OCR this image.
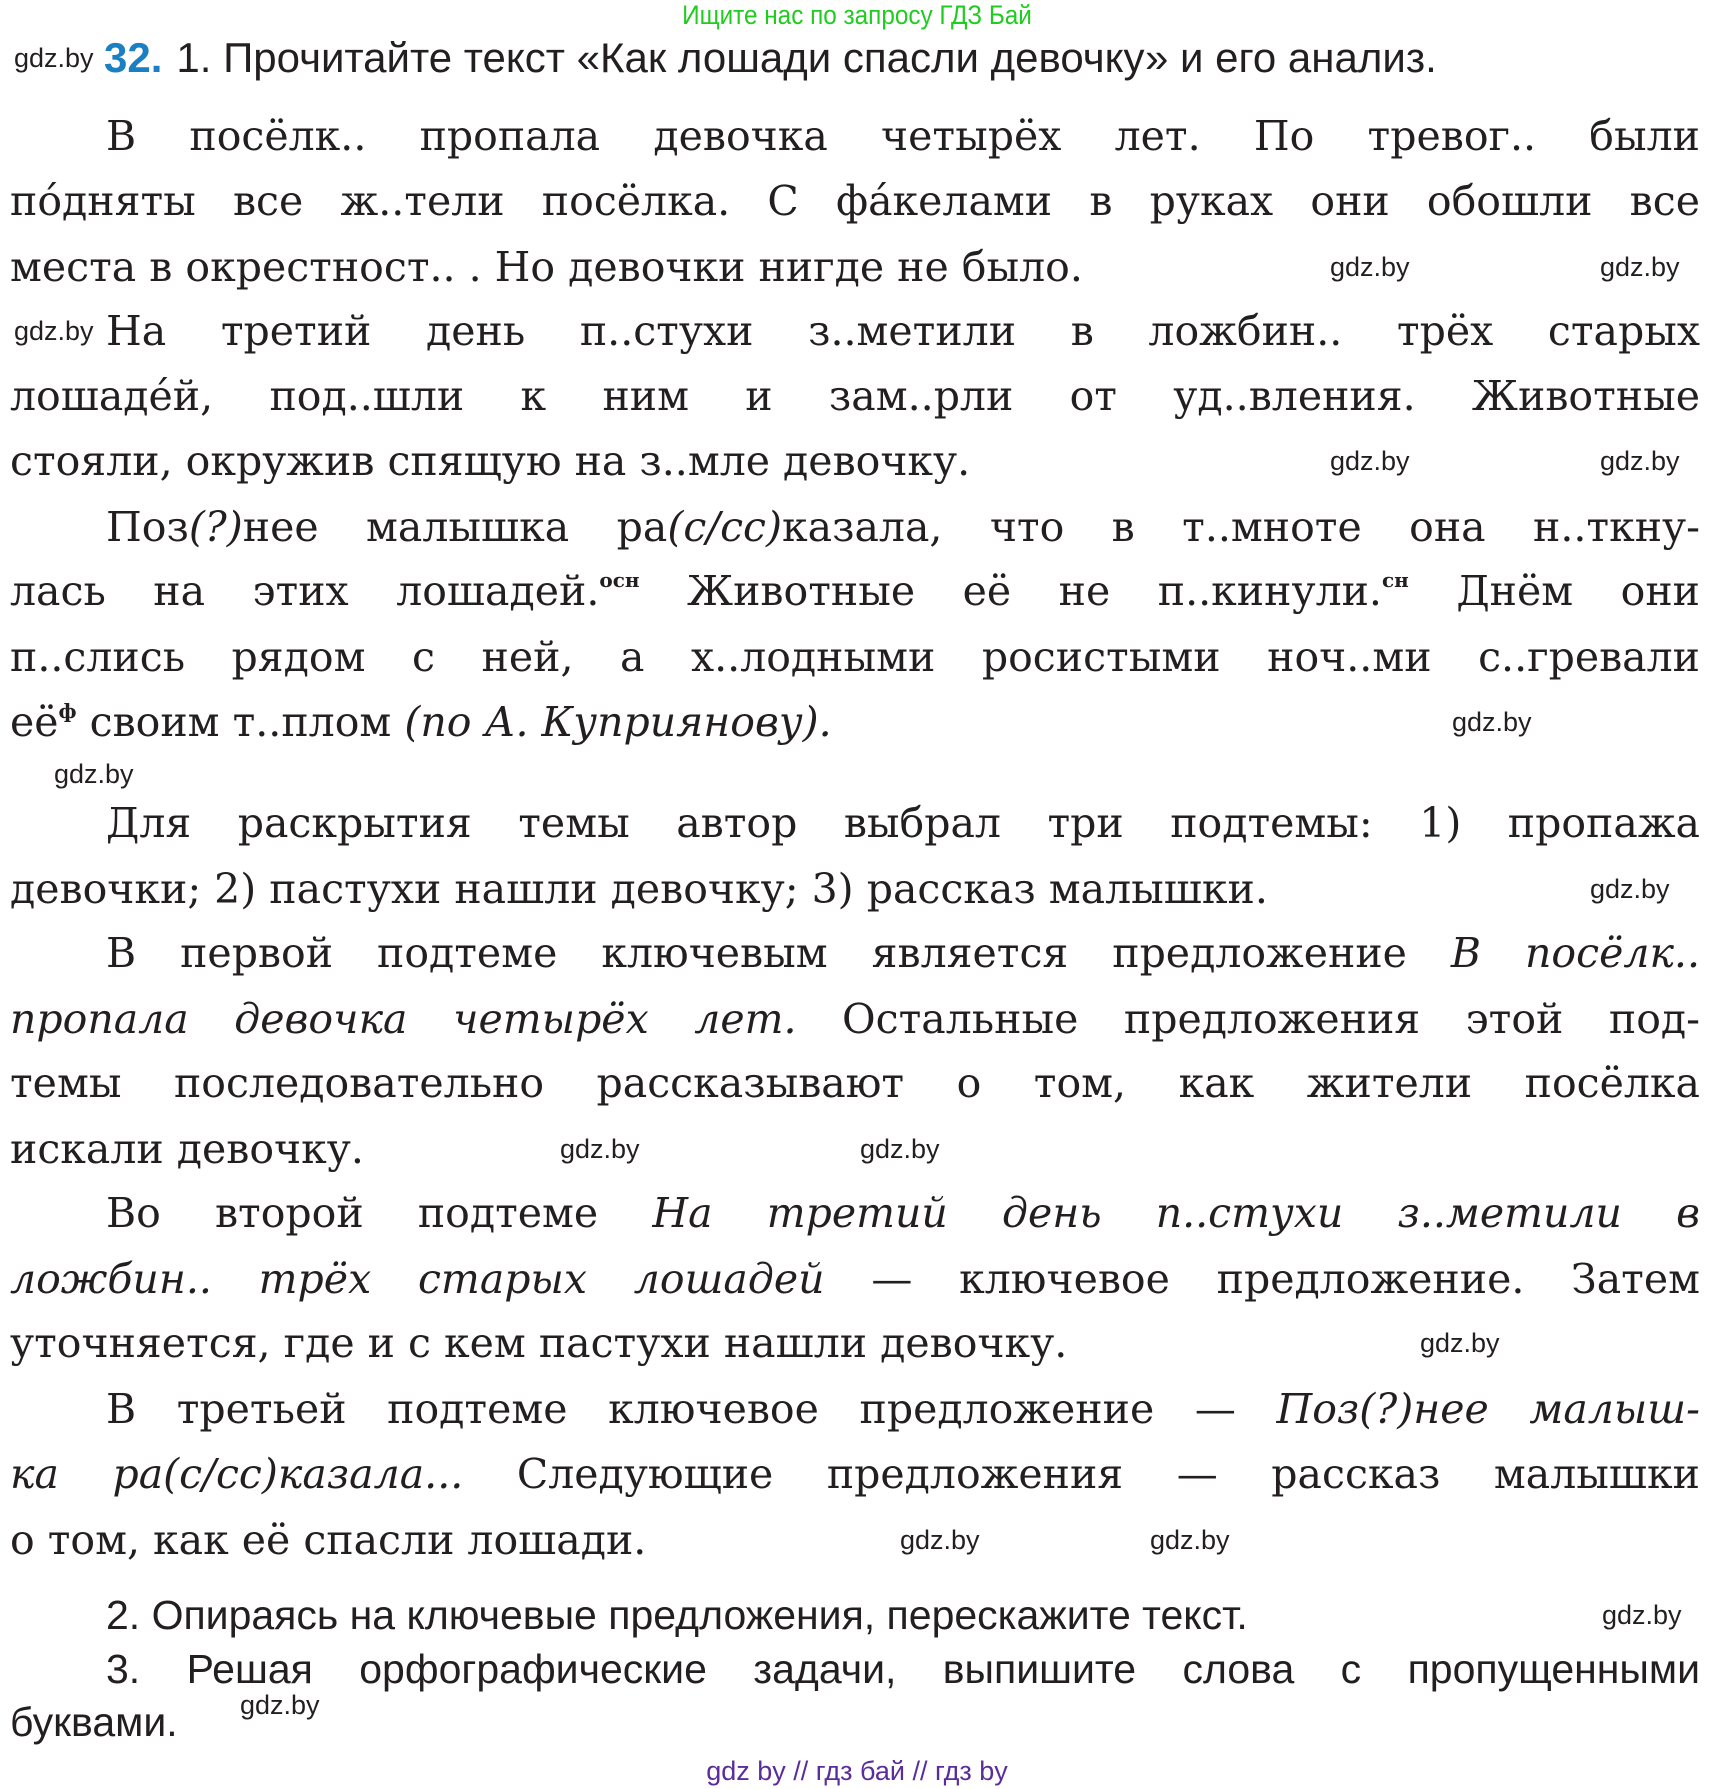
Ищите нас по запросу ГДЗ Бай
32. 1. Прочитайте текст «Как лошади спасли девочку» и его анализ.
В посёлк.. пропала девочка четырёх лет. По тревог.. были
по́дняты все ж..тели посёлка. С фа́келами в руках они обошли все
места в окрестност.. . Но девочки нигде не было.
На третий день п..стухи з..метили в ложбин.. трёх старых
лошаде́й, под..шли к ним и зам..рли от уд..вления. Животные
стояли, окружив спящую на з..мле девочку.
Поз(?)нее малышка ра(с/сс)казала, что в т..мноте она н..ткну-
лась на этих лошадей.$^{осн}$ Животные её не п..кинули.$^{сн}$ Днём они
п..слись рядом с ней, а х..лодными росистыми ноч..ми с..гревали
$её^ф$ своим т..плом (по А. Куприянову).
Для раскрытия темы автор выбрал три подтемы: 1) пропажа
девочки; 2) пастухи нашли девочку; 3) рассказ малышки.
В первой подтеме ключевым является предложение В посёлк..
пропала девочка четырёх лет. Остальные предложения этой под-
темы последовательно рассказывают о том, как жители посёлка
искали девочку.
Во второй подтеме На третий день п..стухи з..метили в
ложбин.. трёх старых лошадей — ключевое предложение. Затем
уточняется, где и с кем пастухи нашли девочку.
В третьей подтеме ключевое предложение — Поз(?)нее малыш-
ка ра(с/сс)казала... Следующие предложения — рассказ малышки
о том, как её спасли лошади.
2. Опираясь на ключевые предложения, перескажите текст.
3. Решая орфографические задачи, выпишите слова с пропущенными
буквами.
gdz.by
gdz.by
gdz.by
gdz.by
gdz.by
gdz.by
gdz.by
gdz.by
gdz.by
gdz.by	gdz.by
gdz.by
gdz.by
gdz.by
gdz.by
gdz.by
gdz by // гдз бай // гдз by
